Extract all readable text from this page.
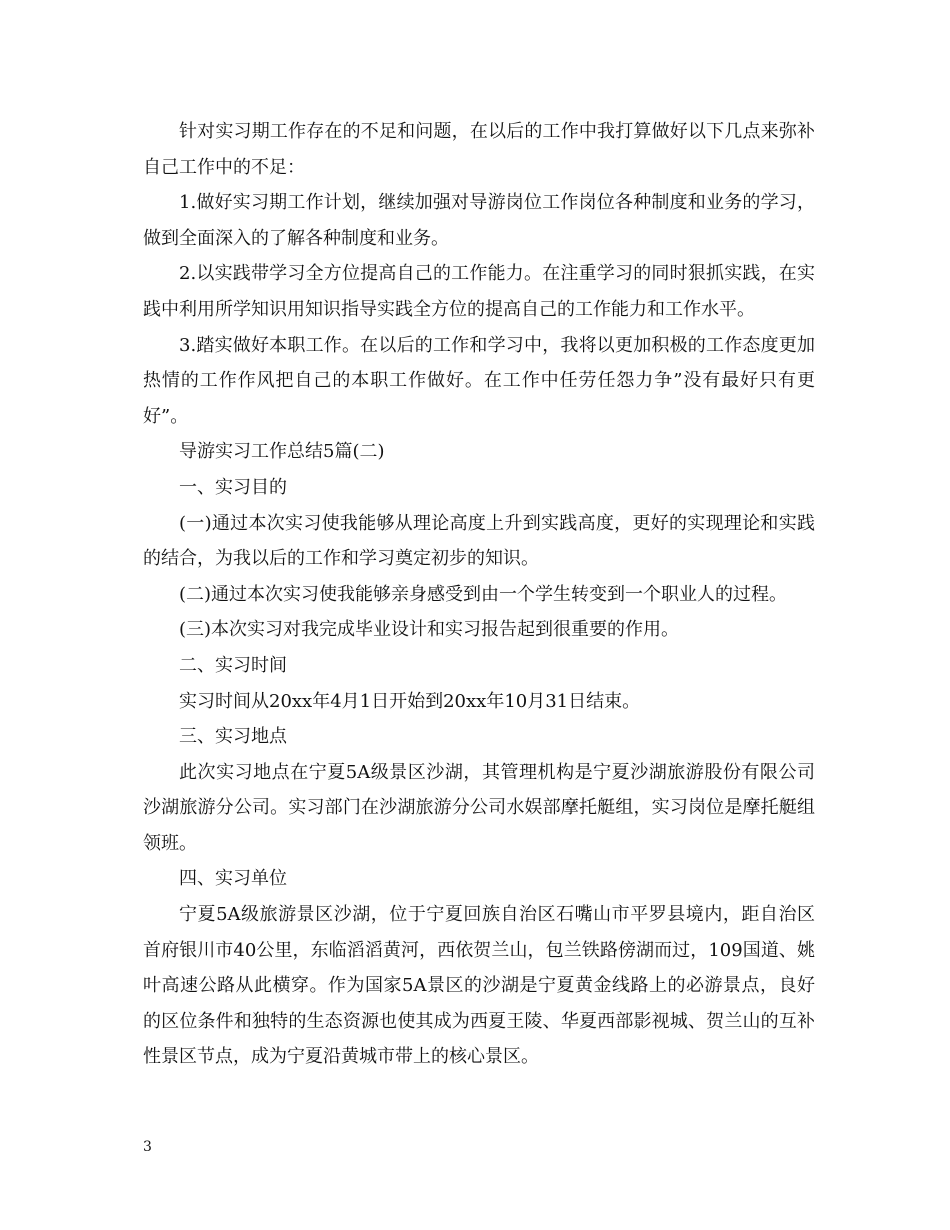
针对实习期工作存在的不足和问题，在以后的工作中我打算做好以下几点来弥补自己工作中的不足：

1.做好实习期工作计划，继续加强对导游岗位工作岗位各种制度和业务的学习，做到全面深入的了解各种制度和业务。

2.以实践带学习全方位提高自己的工作能力。在注重学习的同时狠抓实践，在实践中利用所学知识用知识指导实践全方位的提高自己的工作能力和工作水平。

3.踏实做好本职工作。在以后的工作和学习中，我将以更加积极的工作态度更加热情的工作作风把自己的本职工作做好。在工作中任劳任怨力争”没有最好只有更好”。

导游实习工作总结5篇(二)

一、实习目的

(一)通过本次实习使我能够从理论高度上升到实践高度，更好的实现理论和实践的结合，为我以后的工作和学习奠定初步的知识。

(二)通过本次实习使我能够亲身感受到由一个学生转变到一个职业人的过程。

(三)本次实习对我完成毕业设计和实习报告起到很重要的作用。

二、实习时间

实习时间从20xx年4月1日开始到20xx年10月31日结束。

三、实习地点

此次实习地点在宁夏5A级景区沙湖，其管理机构是宁夏沙湖旅游股份有限公司沙湖旅游分公司。实习部门在沙湖旅游分公司水娱部摩托艇组，实习岗位是摩托艇组领班。

四、实习单位

宁夏5A级旅游景区沙湖，位于宁夏回族自治区石嘴山市平罗县境内，距自治区首府银川市40公里，东临滔滔黄河，西依贺兰山，包兰铁路傍湖而过，109国道、姚叶高速公路从此横穿。作为国家5A景区的沙湖是宁夏黄金线路上的必游景点，良好的区位条件和独特的生态资源也使其成为西夏王陵、华夏西部影视城、贺兰山的互补性景区节点，成为宁夏沿黄城市带上的核心景区。

3
